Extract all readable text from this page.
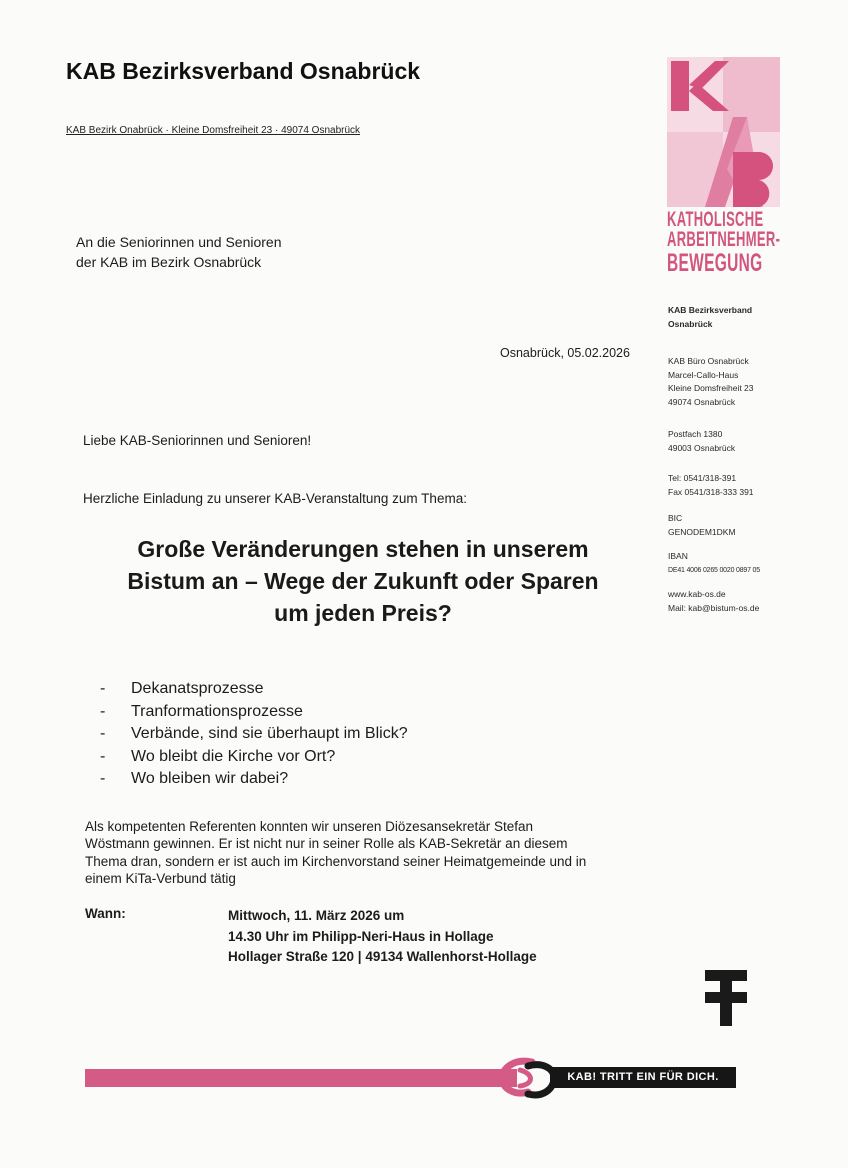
KAB Bezirksverband Osnabrück
KAB Bezirk Onabrück · Kleine Domsfreiheit 23 · 49074 Osnabrück
KATHOLISCHE
ARBEITNEHMER-
BEWEGUNG
An die Seniorinnen und Senioren
der KAB im Bezirk Osnabrück
Osnabrück, 05.02.2026
KAB Bezirksverband
Osnabrück
KAB Büro Osnabrück
Marcel-Callo-Haus
Kleine Domsfreiheit 23
49074 Osnabrück
Postfach 1380
49003 Osnabrück
Tel: 0541/318-391
Fax 0541/318-333 391
BIC
GENODEM1DKM
IBAN
DE41 4006 0265 0020 0897 05
www.kab-os.de
Mail: kab@bistum-os.de
Liebe KAB-Seniorinnen und Senioren!
Herzliche Einladung zu unserer KAB-Veranstaltung zum Thema:
Große Veränderungen stehen in unserem
Bistum an – Wege der Zukunft oder Sparen
um jeden Preis?
- Dekanatsprozesse
- Tranformationsprozesse
- Verbände, sind sie überhaupt im Blick?
- Wo bleibt die Kirche vor Ort?
- Wo bleiben wir dabei?
Als kompetenten Referenten konnten wir unseren Diözesansekretär Stefan
Wöstmann gewinnen. Er ist nicht nur in seiner Rolle als KAB-Sekretär an diesem
Thema dran, sondern er ist auch im Kirchenvorstand seiner Heimatgemeinde und in
einem KiTa-Verbund tätig
Wann:	Mittwoch, 11. März 2026 um
14.30 Uhr im Philipp-Neri-Haus in Hollage
Hollager Straße 120 | 49134 Wallenhorst-Hollage
KAB! TRITT EIN FÜR DICH.
